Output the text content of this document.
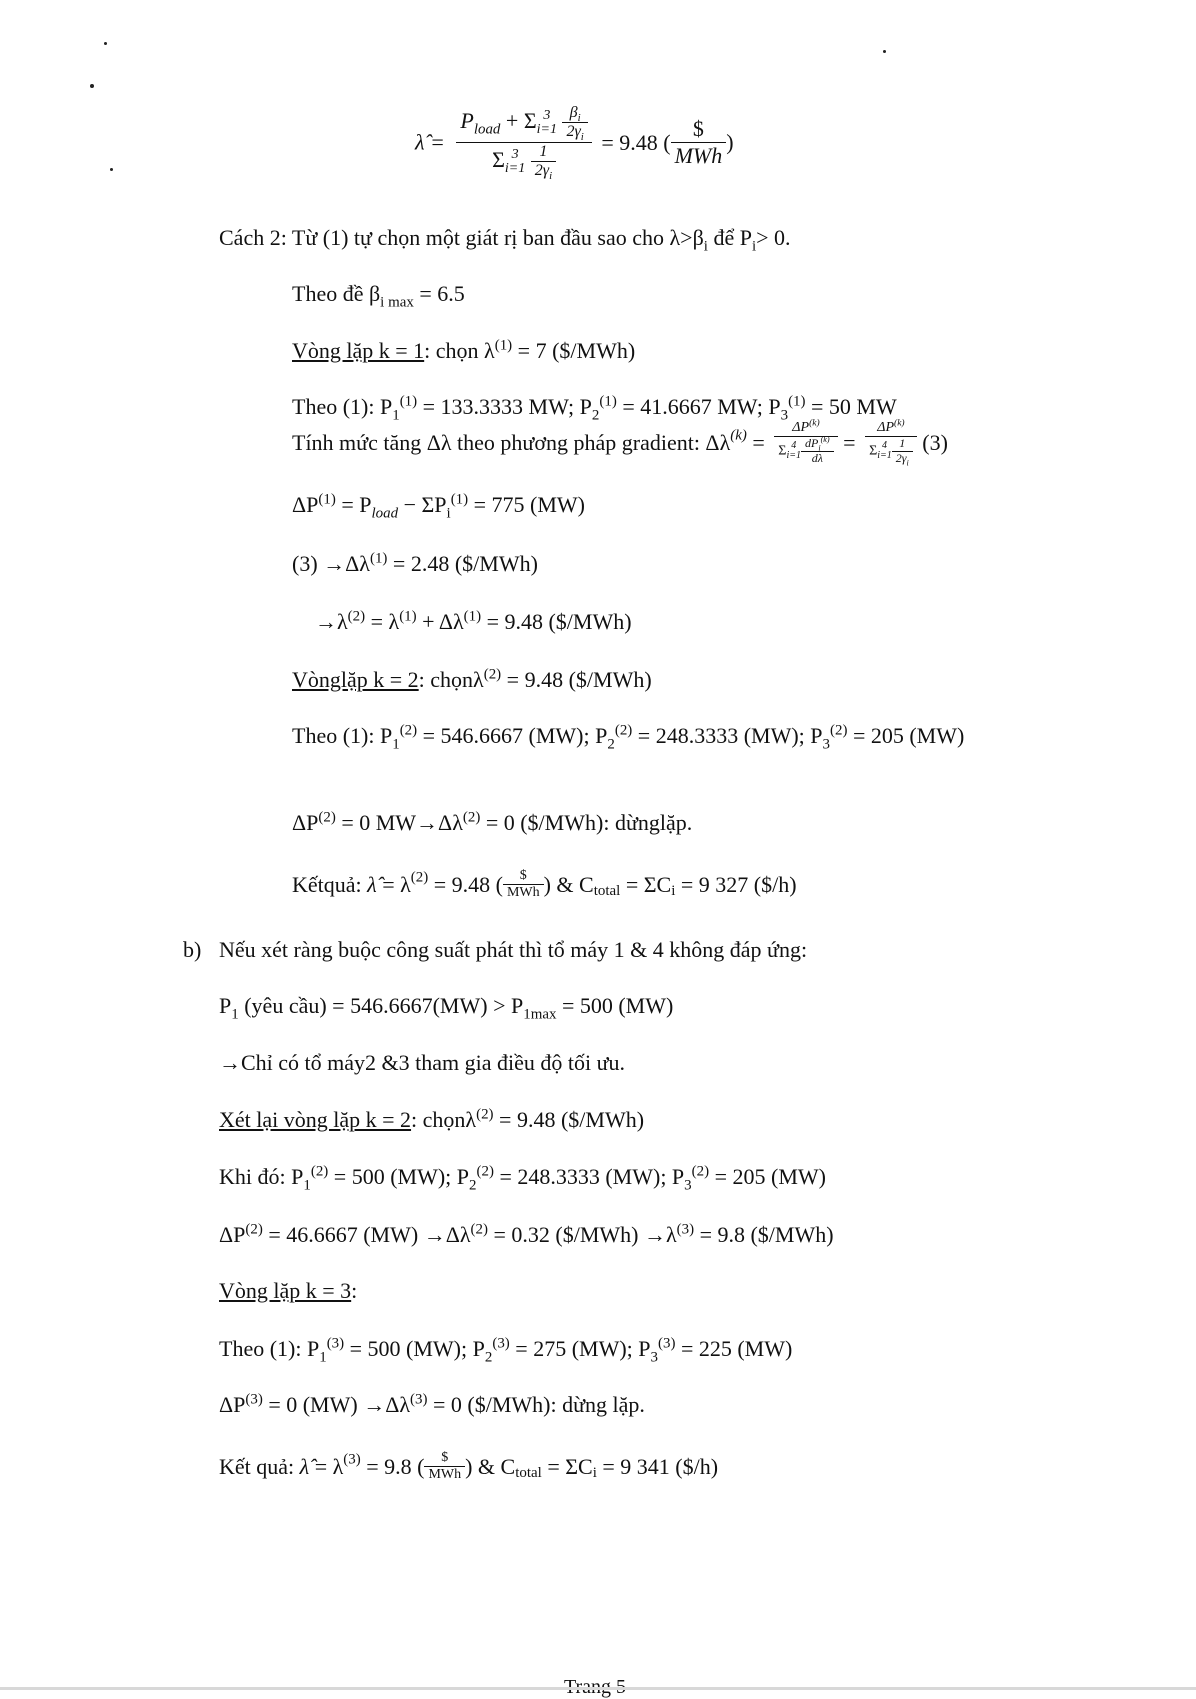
λ̂ = $P_{load} + \Sigma$ 3
i=1
$\frac{\beta_i}{2\gamma_i}$
Σ 3
i=1
$\frac{1}{2\gamma_i} = 9.48$ ( $\frac{\$}{\text{MWh}}$ )
Cách 2: Từ (1) tự chọn một giát rị ban đầu sao cho $\lambda>\beta_i$ để $P_i> 0$.
Theo đề $\beta_{i max} = 6.5$
Vòng lặp k = 1: chọn $\lambda^{(1)} = 7$ ($/MWh)
Theo (1): $P_1^{(1)} = 133.3333$ MW; $P_2^{(1)} = 41.6667$ MW; $P_3^{(1)} = 50$ MW
Tính mức tăng Δλ theo phương pháp gradient: $\Delta\lambda^{(k)} = \Delta P^{(k)}$
Σ 4
$i=1 \frac{dP_i^{(k)}}{d\lambda} = \Delta P^{(k)}$
Σ 4
$i=1 \frac{1}{2\gamma_i} (3)$
$\Delta P^{(1)} = P_{load} - \Sigma P_i^{(1)} = 775$ (MW)
$(3) \to\Delta\lambda^{(1)} = 2.48$ ($/MWh)
$\to\lambda^{(2)} = \lambda^{(1)} + \Delta\lambda^{(1)} = 9.48$ ($/MWh)
Vònglặp k = 2: chọnλ$^{(2)}$ = 9.48 ($/MWh)
Theo (1): $P_1^{(2)} = 546.6667$ (MW); $P_2^{(2)} = 248.3333$ (MW); $P_3^{(2)} = 205$ (MW)
$\Delta P^{(2)} = 0$ $MW\to\Delta\lambda^{(2)} = 0$ ($/MWh): dừnglặp.
Kếtquả: λ̂ = $\lambda^{(2)} = 9.48$ ( $\frac{\$}{\text{MWh}}$ ) & $C_{total} = \Sigma C_i = 9$ 327 ($/h)
b) Nếu xét ràng buộc công suất phát thì tổ máy 1 & 4 không đáp ứng:
$P_1$ (yêu cầu) = $546.6667(MW) > P_{1max} = 500$ (MW)
→Chỉ có tổ máy2 &3 tham gia điều độ tối ưu.
Xét lại vòng lặp k = 2: chọnλ$^{(2)}$ = 9.48 ($/MWh)
Khi đó: $P_1^{(2)} = 500$ (MW); $P_2^{(2)} = 248.3333$ (MW); $P_3^{(2)} = 205$ (MW)
$\Delta P^{(2)} = 46.6667$ $(MW) \to\Delta\lambda^{(2)} = 0.32$ ($/MWh) $\to\lambda^{(3)} = 9.8$ ($/MWh)
Vòng lặp k = 3:
Theo (1): $P_1^{(3)} = 500$ (MW); $P_2^{(3)} = 275$ (MW); $P_3^{(3)} = 225$ (MW)
$\Delta P^{(3)} = 0$ $(MW) \to\Delta\lambda^{(3)} = 0$ ($/MWh): dừng lặp.
Kết quả: λ̂ = $\lambda^{(3)} = 9.8$ ( $\frac{\$}{\text{MWh}}$ ) & $C_{total} = \Sigma C_i = 9$ 341 ($/h)
